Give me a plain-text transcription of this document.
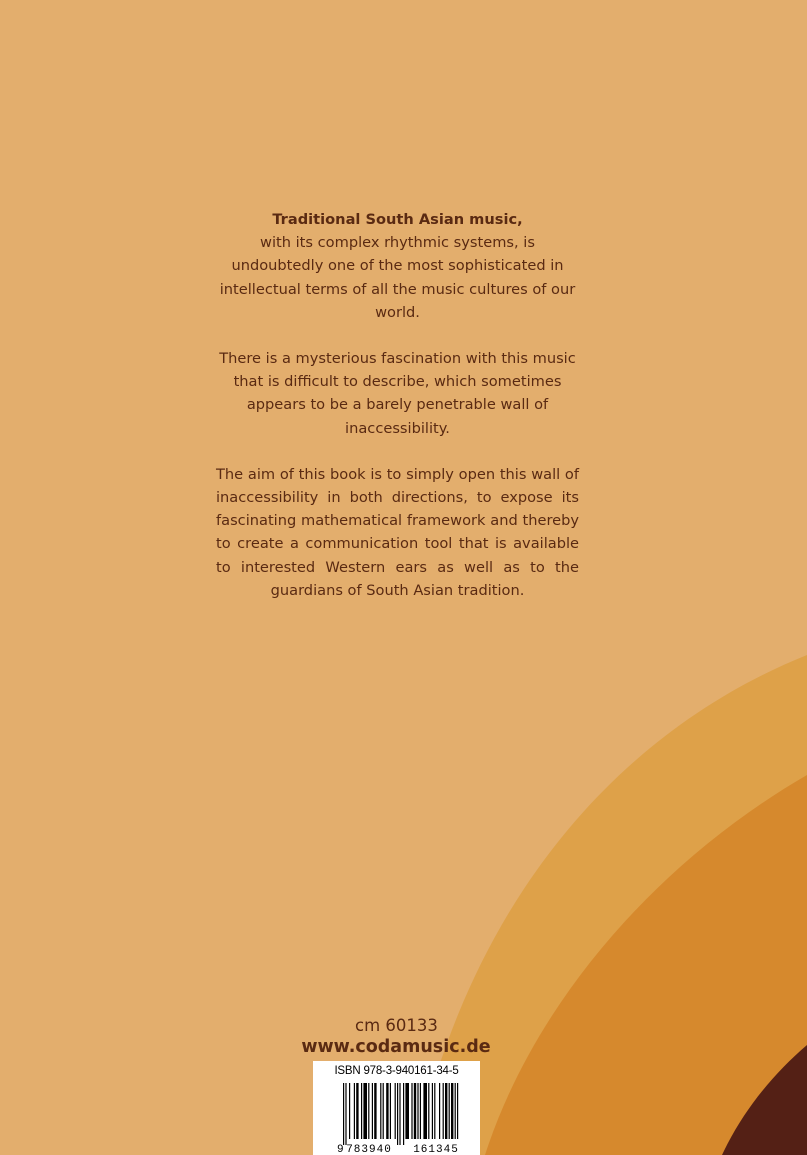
Traditional South Asian music,
with its complex rhythmic systems, is undoubtedly one of the most sophisticated in intellectual terms of all the music cultures of our world.

There is a mysterious fascination with this music that is difficult to describe, which sometimes appears to be a barely penetrable wall of inaccessibility.

The aim of this book is to simply open this wall of inaccessibility in both directions, to expose its fascinating mathematical framework and thereby to create a communication tool that is available to interested Western ears as well as to the guardians of South Asian tradition.

cm 60133
www.codamusic.de
ISBN 978-3-940161-34-5
9 783940 161345
